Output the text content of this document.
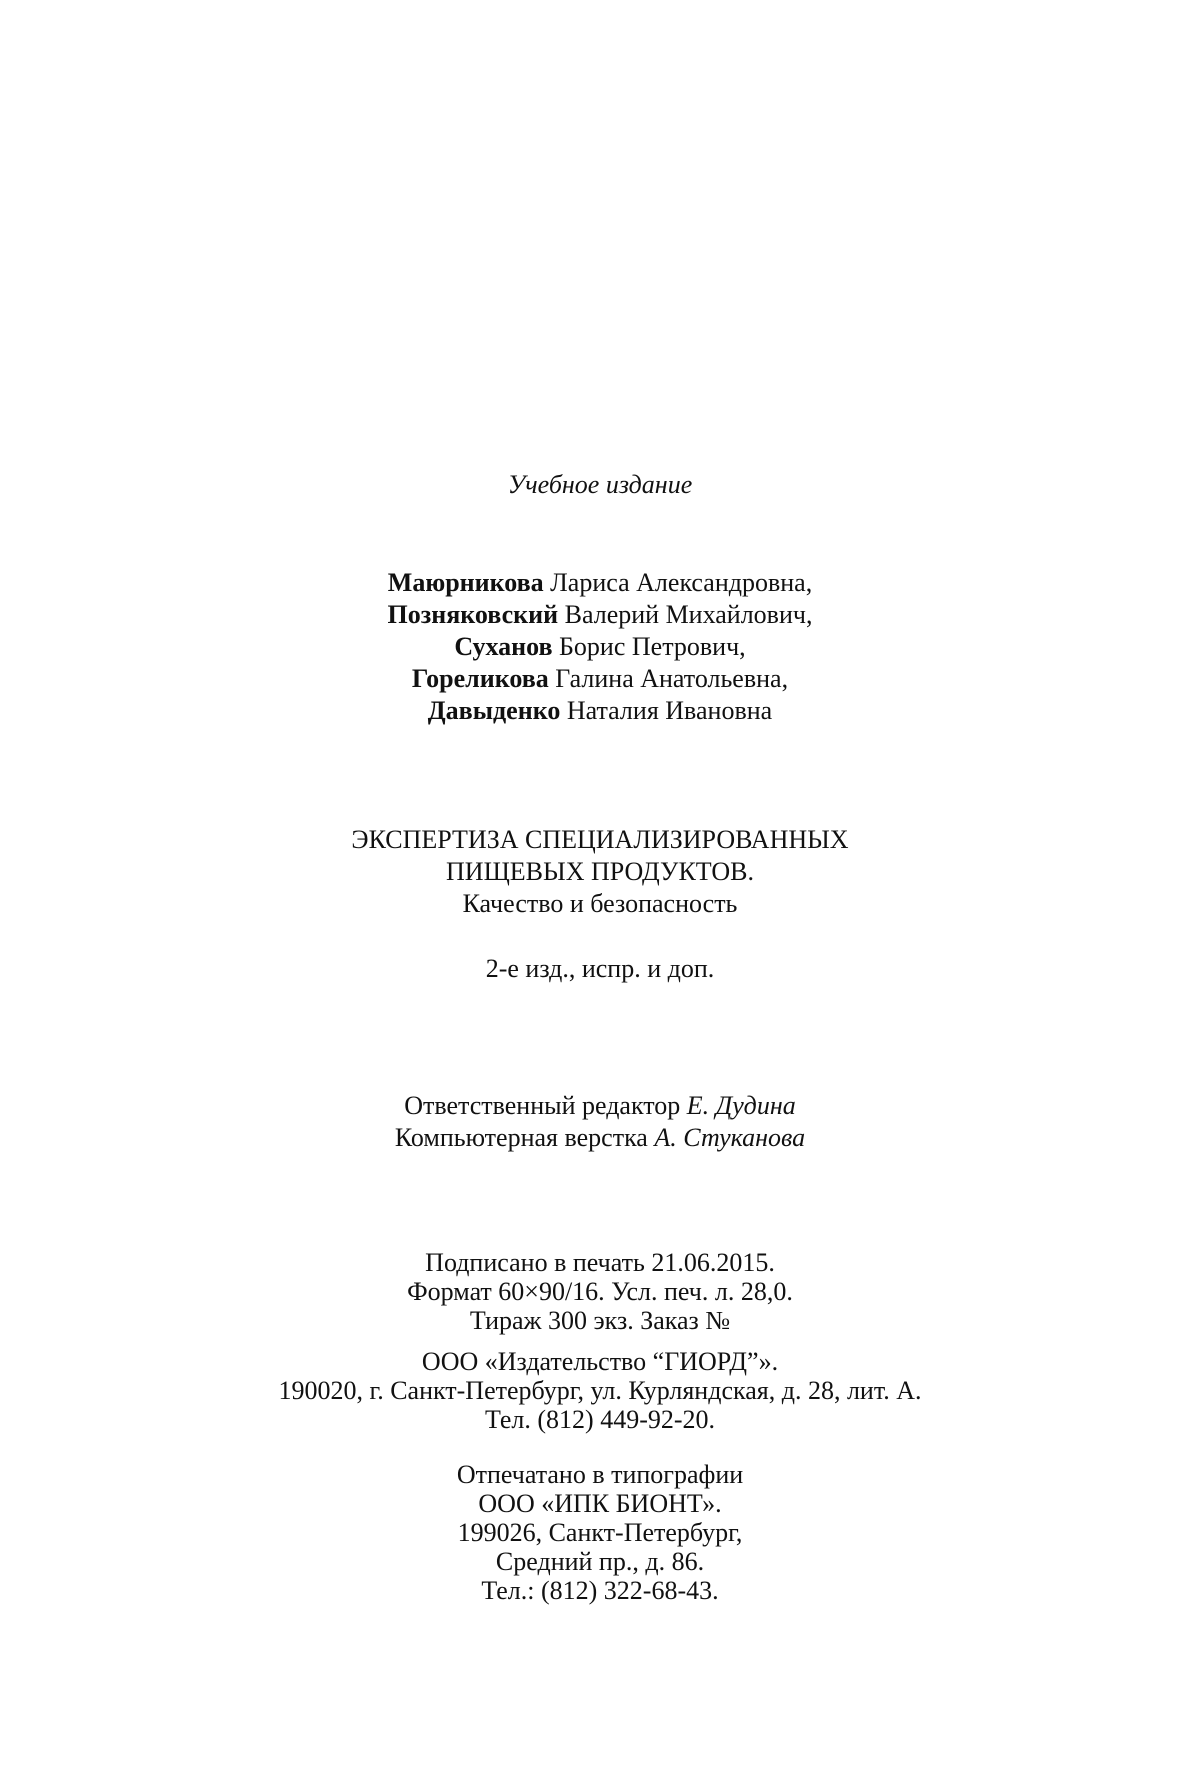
Учебное издание
Маюрникова Лариса Александровна,
Позняковский Валерий Михайлович,
Суханов Борис Петрович,
Гореликова Галина Анатольевна,
Давыденко Наталия Ивановна
ЭКСПЕРТИЗА СПЕЦИАЛИЗИРОВАННЫХ
ПИЩЕВЫХ ПРОДУКТОВ.
Качество и безопасность
2-е изд., испр. и доп.
Ответственный редактор Е. Дудина
Компьютерная верстка А. Стуканова
Подписано в печать 21.06.2015.
Формат 60×90/16. Усл. печ. л. 28,0.
Тираж 300 экз. Заказ №
ООО «Издательство “ГИОРД”».
190020, г. Санкт-Петербург, ул. Курляндская, д. 28, лит. А.
Тел. (812) 449-92-20.
Отпечатано в типографии
ООО «ИПК БИОНТ».
199026, Санкт-Петербург,
Средний пр., д. 86.
Тел.: (812) 322-68-43.
